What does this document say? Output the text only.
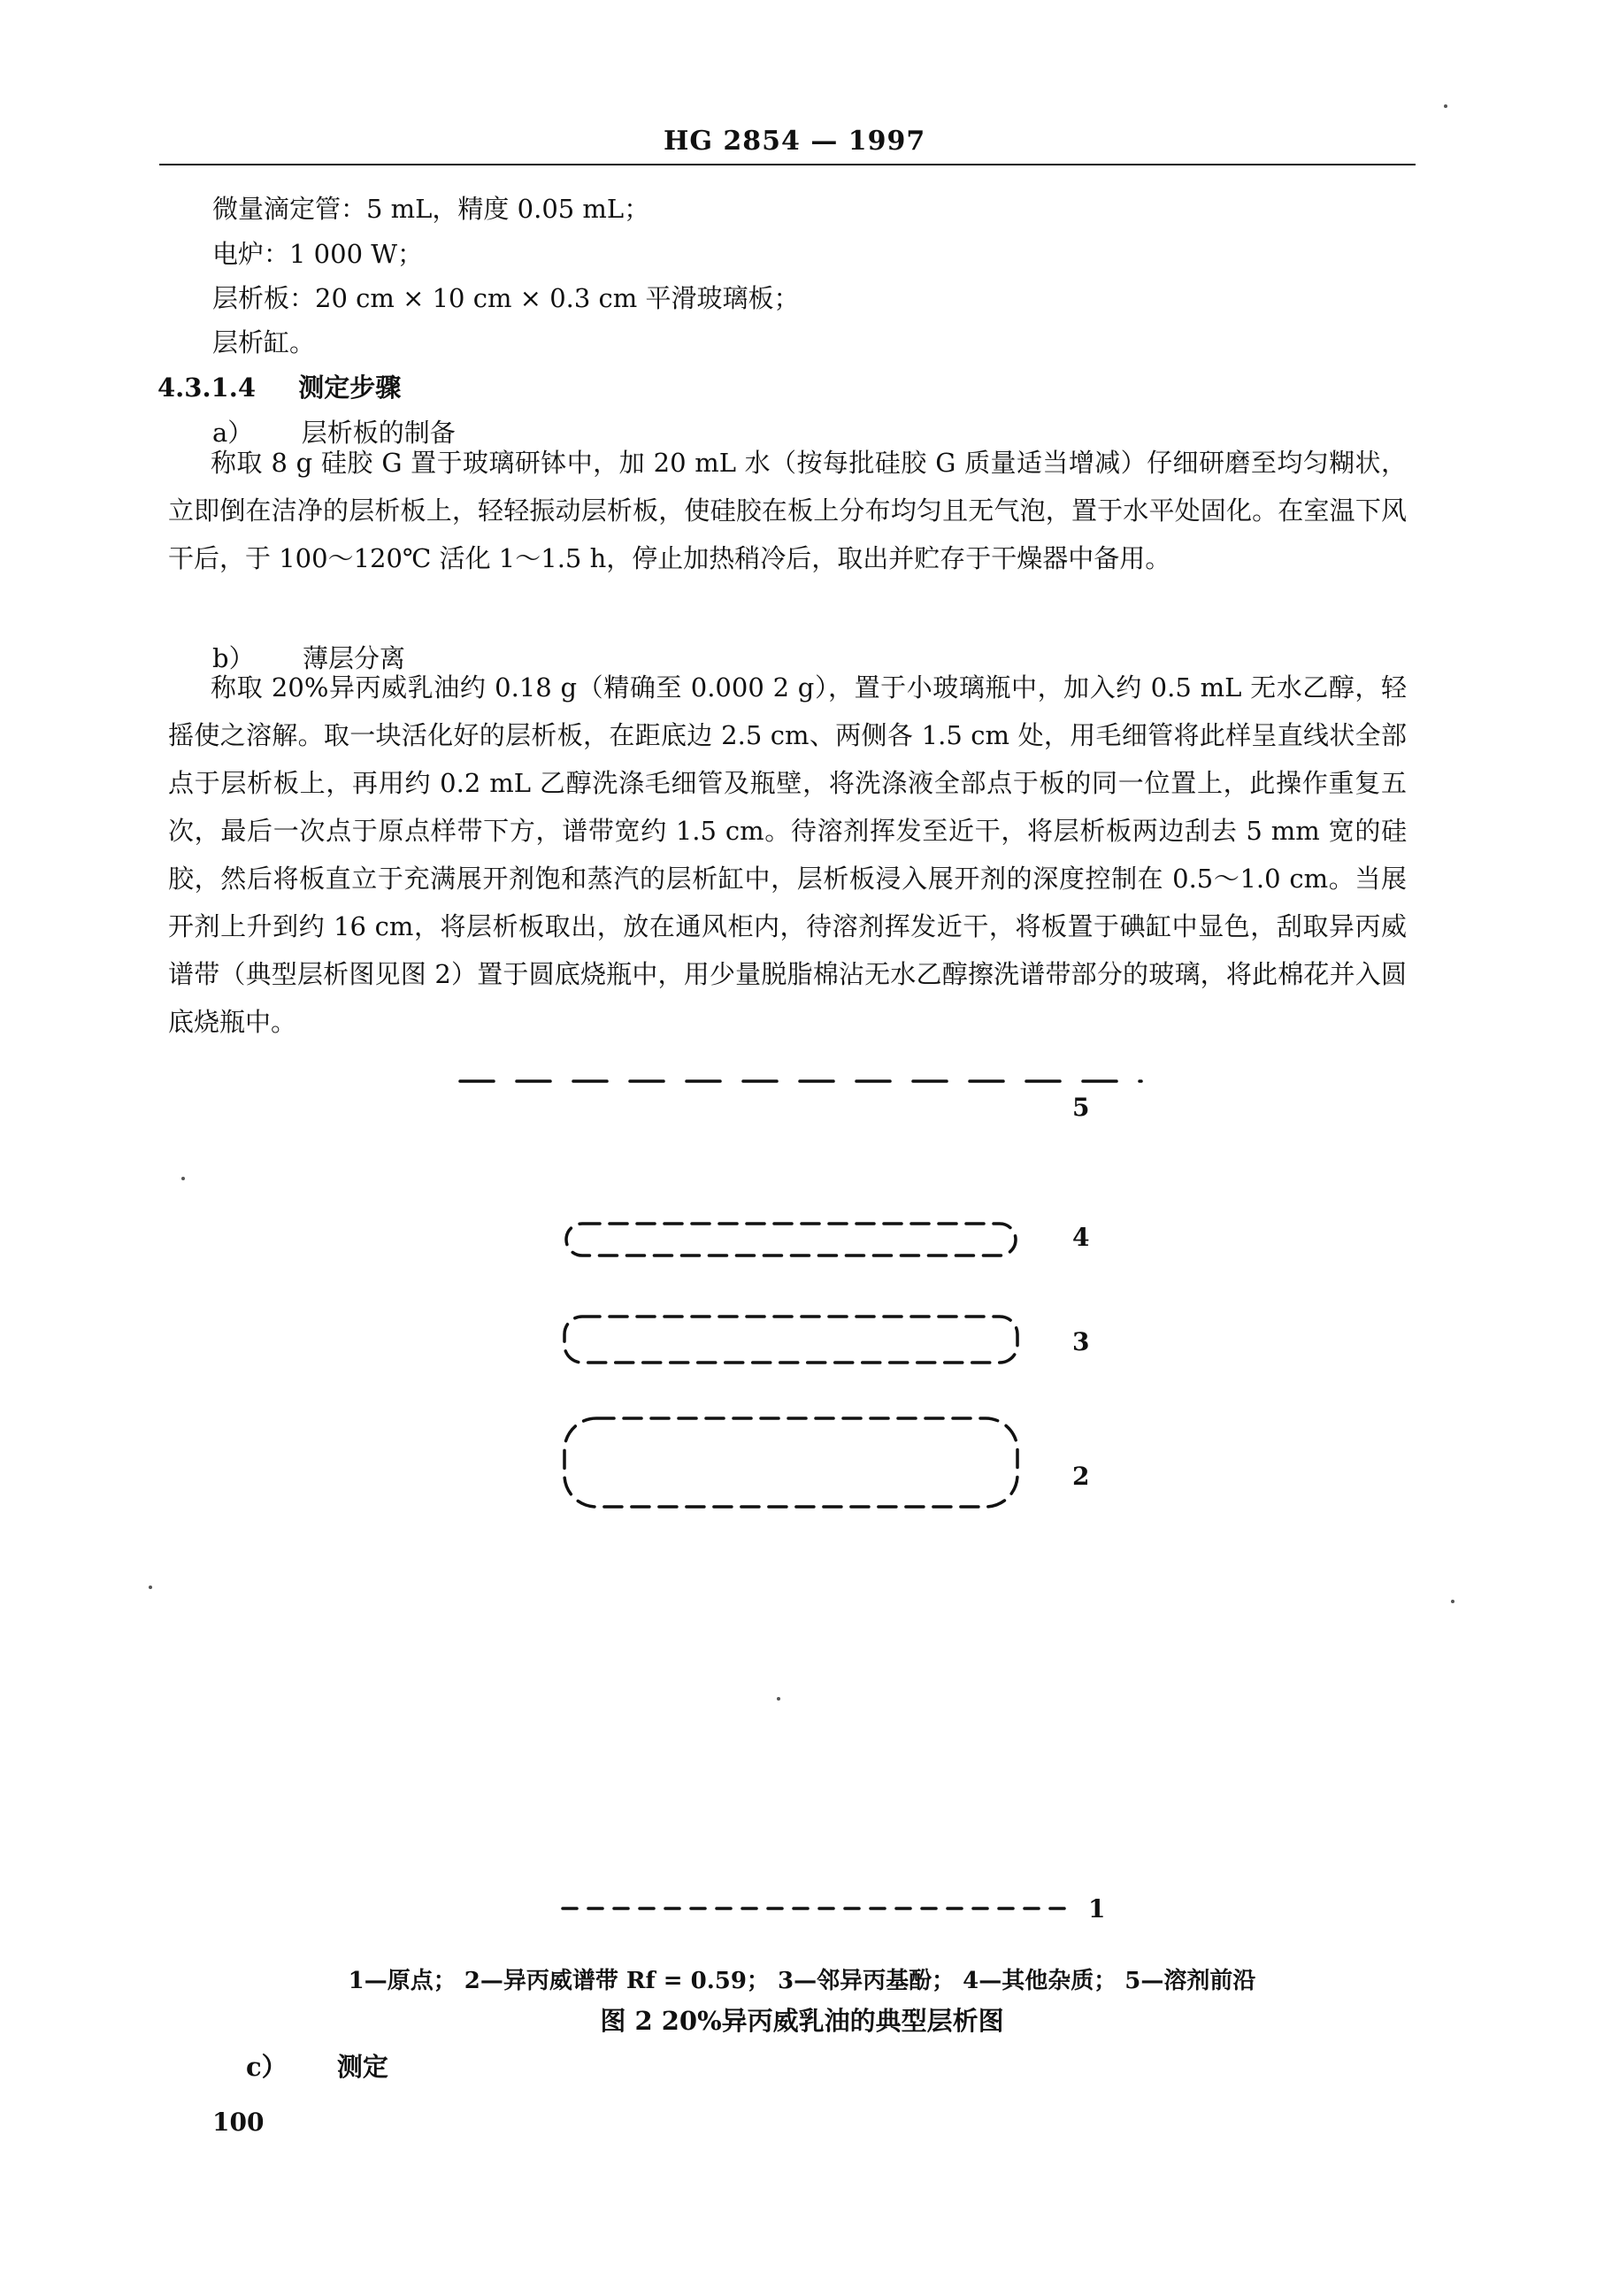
HG 2854 — 1997
微量滴定管：5 mL，精度 0.05 mL；
电炉：1 000 W；
层析板：20 cm × 10 cm × 0.3 cm 平滑玻璃板；
层析缸。
4.3.1.4 测定步骤
a） 层析板的制备
称取 8 g 硅胶 G 置于玻璃研钵中，加 20 mL 水（按每批硅胶 G 质量适当增减）仔细研磨至均匀糊状，立即倒在洁净的层析板上，轻轻振动层析板，使硅胶在板上分布均匀且无气泡，置于水平处固化。在室温下风干后，于 100～120℃ 活化 1～1.5 h，停止加热稍冷后，取出并贮存于干燥器中备用。
b） 薄层分离
称取 20%异丙威乳油约 0.18 g（精确至 0.000 2 g），置于小玻璃瓶中，加入约 0.5 mL 无水乙醇，轻摇使之溶解。取一块活化好的层析板，在距底边 2.5 cm、两侧各 1.5 cm 处，用毛细管将此样呈直线状全部点于层析板上，再用约 0.2 mL 乙醇洗涤毛细管及瓶壁，将洗涤液全部点于板的同一位置上，此操作重复五次，最后一次点于原点样带下方，谱带宽约 1.5 cm。待溶剂挥发至近干，将层析板两边刮去 5 mm 宽的硅胶，然后将板直立于充满展开剂饱和蒸汽的层析缸中，层析板浸入展开剂的深度控制在 0.5～1.0 cm。当展开剂上升到约 16 cm，将层析板取出，放在通风柜内，待溶剂挥发近干，将板置于碘缸中显色，刮取异丙威谱带（典型层析图见图 2）置于圆底烧瓶中，用少量脱脂棉沾无水乙醇擦洗谱带部分的玻璃，将此棉花并入圆底烧瓶中。
5
4
3
2
1
1—原点； 2—异丙威谱带 Rf = 0.59； 3—邻异丙基酚； 4—其他杂质； 5—溶剂前沿
图 2 20%异丙威乳油的典型层析图
c） 测定
100
